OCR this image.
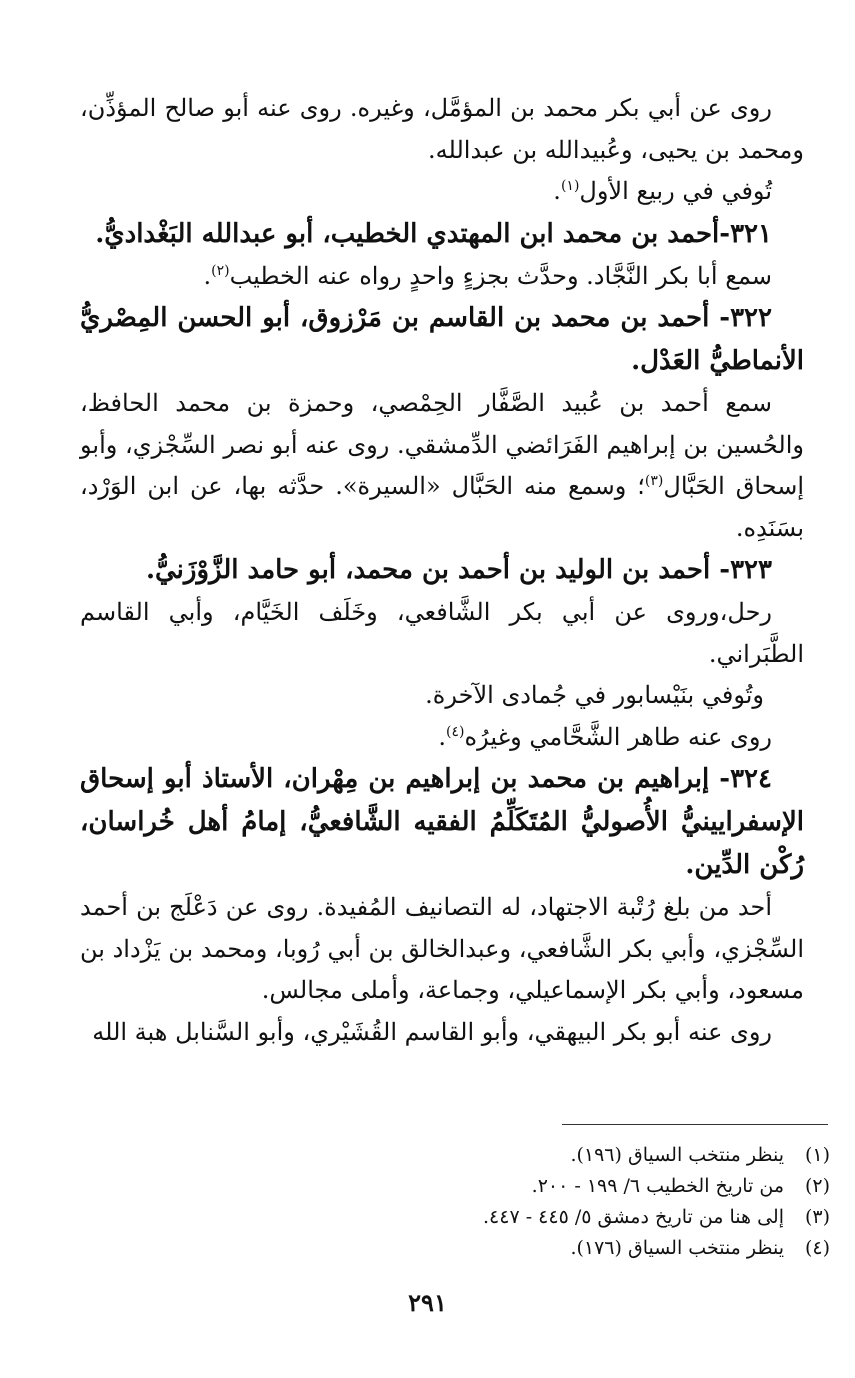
روى عن أبي بكر محمد بن المؤمَّل، وغيره. روى عنه أبو صالح المؤذِّن، ومحمد بن يحيى، وعُبيدالله بن عبدالله.

تُوفي في ربيع الأول$^{(١)}$.

٣٢١-أحمد بن محمد ابن المهتدي الخطيب، أبو عبدالله البَغْداديُّ.

سمع أبا بكر النَّجَّاد. وحدَّث بجزءٍ واحدٍ رواه عنه الخطيب$^{(٢)}$.

٣٢٢- أحمد بن محمد بن القاسم بن مَرْزوق، أبو الحسن المِصْريُّ الأنماطيُّ العَدْل.

سمع أحمد بن عُبيد الصَّفَّار الحِمْصي، وحمزة بن محمد الحافظ، والحُسين بن إبراهيم الفَرَائضي الدِّمشقي. روى عنه أبو نصر السِّجْزي، وأبو إسحاق الحَبَّال$^{(٣)}$؛ وسمع منه الحَبَّال «السيرة». حدَّثه بها، عن ابن الوَرْد، بسَنَدِه.

٣٢٣- أحمد بن الوليد بن أحمد بن محمد، أبو حامد الزَّوْزَنيُّ.

رحل،وروى عن أبي بكر الشَّافعي، وخَلَف الخَيَّام، وأبي القاسم الطَّبَراني.

وتُوفي بنَيْسابور في جُمادى الآخرة.

روى عنه طاهر الشَّحَّامي وغيرُه$^{(٤)}$.

٣٢٤- إبراهيم بن محمد بن إبراهيم بن مِهْران، الأستاذ أبو إسحاق الإسفرايينيُّ الأُصوليُّ المُتَكَلِّمُ الفقيه الشَّافعيُّ، إمامُ أهل خُراسان، رُكْن الدِّين.

أحد من بلغ رُتْبة الاجتهاد، له التصانيف المُفيدة. روى عن دَعْلَج بن أحمد السِّجْزي، وأبي بكر الشَّافعي، وعبدالخالق بن أبي رُوبا، ومحمد بن يَزْداد بن مسعود، وأبي بكر الإسماعيلي، وجماعة، وأملى مجالس.

روى عنه أبو بكر البيهقي، وأبو القاسم القُشَيْري، وأبو السَّنابل هبة الله

(١)ينظر منتخب السياق (١٩٦).

(٢)من تاريخ الخطيب ٦/ ١٩٩ - ٢٠٠.

(٣)إلى هنا من تاريخ دمشق ٥/ ٤٤٥ - ٤٤٧.

(٤)ينظر منتخب السياق (١٧٦).

٢٩١
